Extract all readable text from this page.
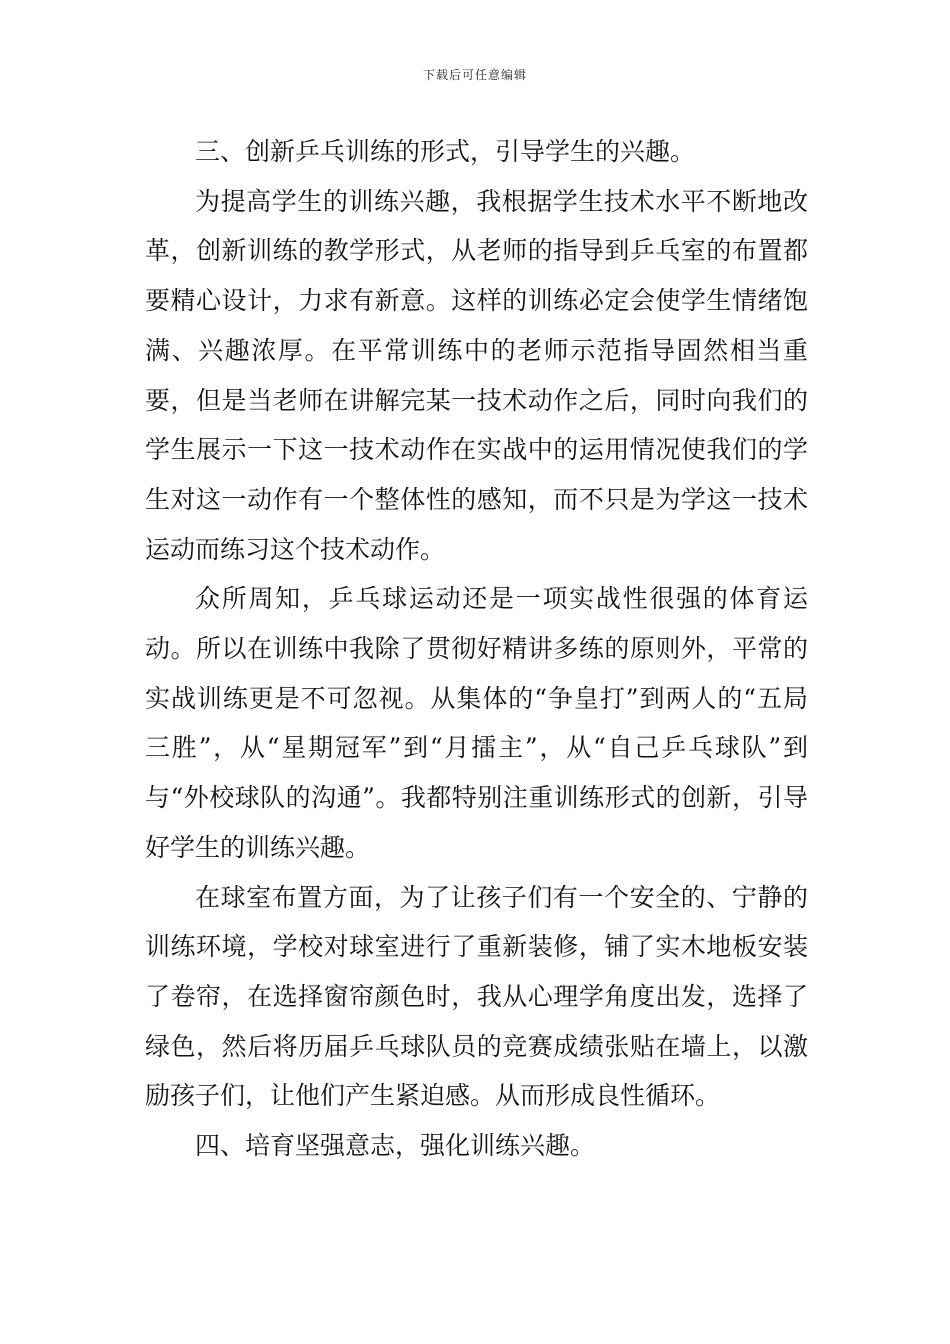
下载后可任意编辑

三、创新乒乓训练的形式，引导学生的兴趣。

为提高学生的训练兴趣，我根据学生技术水平不断地改革，创新训练的教学形式，从老师的指导到乒乓室的布置都要精心设计，力求有新意。这样的训练必定会使学生情绪饱满、兴趣浓厚。在平常训练中的老师示范指导固然相当重要，但是当老师在讲解完某一技术动作之后，同时向我们的学生展示一下这一技术动作在实战中的运用情况使我们的学生对这一动作有一个整体性的感知，而不只是为学这一技术运动而练习这个技术动作。

众所周知，乒乓球运动还是一项实战性很强的体育运动。所以在训练中我除了贯彻好精讲多练的原则外，平常的实战训练更是不可忽视。从集体的“争皇打”到两人的“五局三胜”，从“星期冠军”到“月擂主”，从“自己乒乓球队”到与“外校球队的沟通”。我都特别注重训练形式的创新，引导好学生的训练兴趣。

在球室布置方面，为了让孩子们有一个安全的、宁静的训练环境，学校对球室进行了重新装修，铺了实木地板安装了卷帘，在选择窗帘颜色时，我从心理学角度出发，选择了绿色，然后将历届乒乓球队员的竞赛成绩张贴在墙上，以激励孩子们，让他们产生紧迫感。从而形成良性循环。

四、培育坚强意志，强化训练兴趣。
